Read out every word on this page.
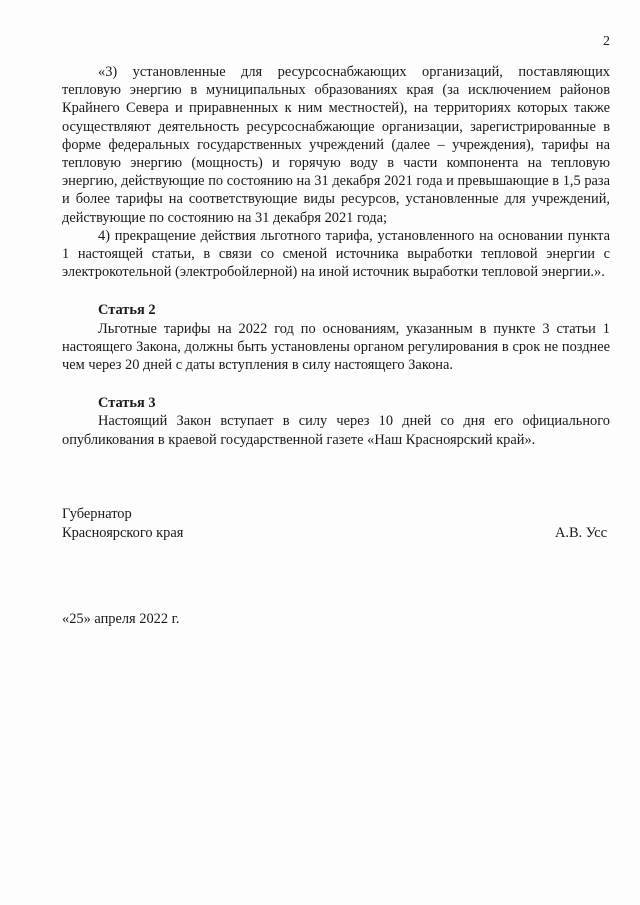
2

«3) установленные для ресурсоснабжающих организаций, поставляющих тепловую энергию в муниципальных образованиях края (за исключением районов Крайнего Севера и приравненных к ним местностей), на территориях которых также осуществляют деятельность ресурсоснабжающие организации, зарегистрированные в форме федеральных государственных учреждений (далее – учреждения), тарифы на тепловую энергию (мощность) и горячую воду в части компонента на тепловую энергию, действующие по состоянию на 31 декабря 2021 года и превышающие в 1,5 раза и более тарифы на соответствующие виды ресурсов, установленные для учреждений, действующие по состоянию на 31 декабря 2021 года;

4) прекращение действия льготного тарифа, установленного на основании пункта 1 настоящей статьи, в связи со сменой источника выработки тепловой энергии с электрокотельной (электробойлерной) на иной источник выработки тепловой энергии.».

Статья 2

Льготные тарифы на 2022 год по основаниям, указанным в пункте 3 статьи 1 настоящего Закона, должны быть установлены органом регулирования в срок не позднее чем через 20 дней с даты вступления в силу настоящего Закона.

Статья 3

Настоящий Закон вступает в силу через 10 дней со дня его официального опубликования в краевой государственной газете «Наш Красноярский край».

Губернатор
Красноярского края	А.В. Усс
«25» апреля 2022 г.
